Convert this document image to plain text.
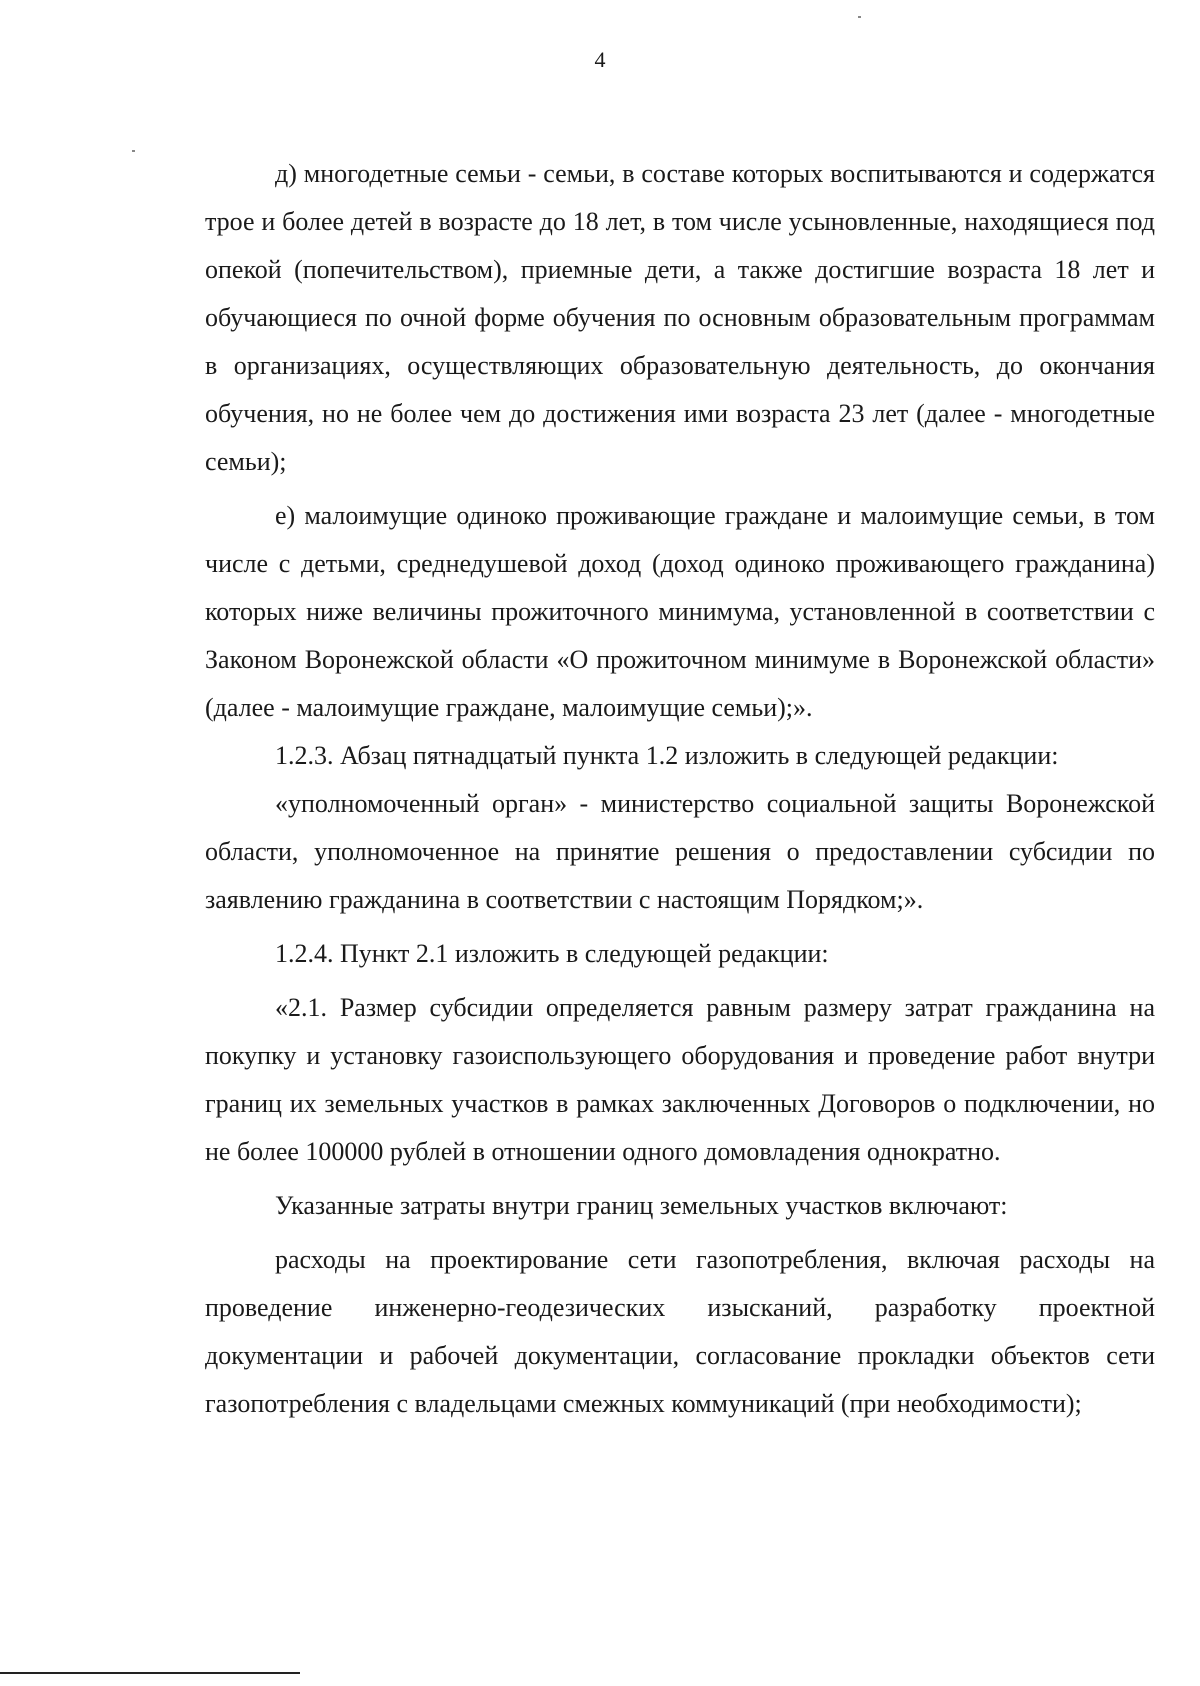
4

д) многодетные семьи - семьи, в составе которых воспитываются и содержатся трое и более детей в возрасте до 18 лет, в том числе усыновленные, находящиеся под опекой (попечительством), приемные дети, а также достигшие возраста 18 лет и обучающиеся по очной форме обучения по основным образовательным программам в организациях, осуществляющих образовательную деятельность, до окончания обучения, но не более чем до достижения ими возраста 23 лет (далее - многодетные семьи);

е) малоимущие одиноко проживающие граждане и малоимущие семьи, в том числе с детьми, среднедушевой доход (доход одиноко проживающего гражданина) которых ниже величины прожиточного минимума, установленной в соответствии с Законом Воронежской области «О прожиточном минимуме в Воронежской области» (далее - малоимущие граждане, малоимущие семьи);».

1.2.3. Абзац пятнадцатый пункта 1.2 изложить в следующей редакции:

«уполномоченный орган» - министерство социальной защиты Воронежской области, уполномоченное на принятие решения о предоставлении субсидии по заявлению гражданина в соответствии с настоящим Порядком;».

1.2.4. Пункт 2.1 изложить в следующей редакции:

«2.1. Размер субсидии определяется равным размеру затрат гражданина на покупку и установку газоиспользующего оборудования и проведение работ внутри границ их земельных участков в рамках заключенных Договоров о подключении, но не более 100000 рублей в отношении одного домовладения однократно.

Указанные затраты внутри границ земельных участков включают:

расходы на проектирование сети газопотребления, включая расходы на проведение инженерно-геодезических изысканий, разработку проектной документации и рабочей документации, согласование прокладки объектов сети газопотребления с владельцами смежных коммуникаций (при необходимости);
